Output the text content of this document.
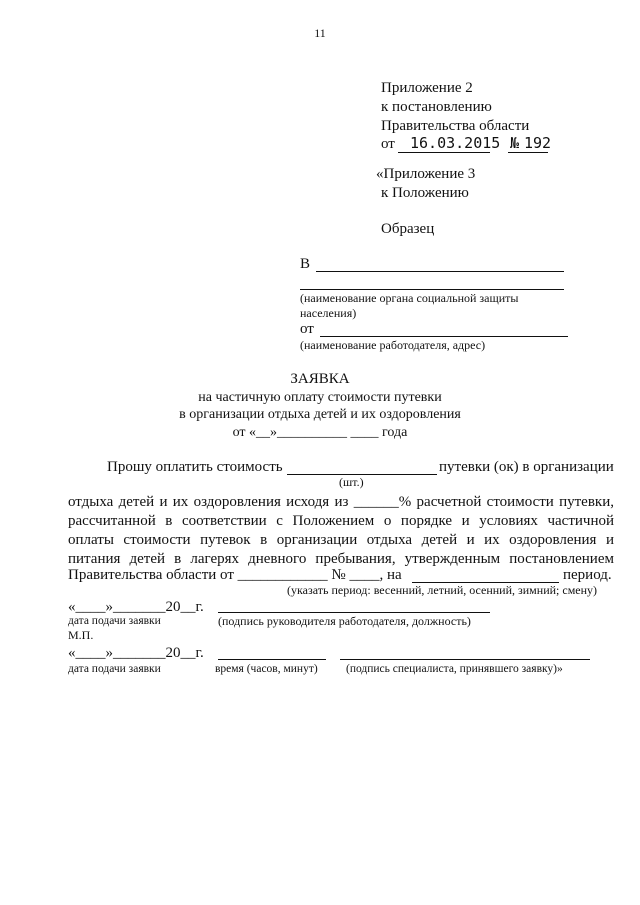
11
Приложение 2
к постановлению
Правительства области
от 16.03.2015 № 192
«Приложение 3
к Положению
Образец
В
(наименование органа социальной защиты
населения)
от
(наименование работодателя, адрес)
ЗАЯВКА
на частичную оплату стоимости путевки
в организации отдыха детей и их оздоровления
от «__»__________ ____ года
Прошу оплатить стоимость	путевки (ок) в организации
(шт.)
отдыха детей и их оздоровления исходя из ______% расчетной стоимости путевки,
рассчитанной в соответствии с Положением о порядке и условиях частичной
оплаты стоимости путевок в организации отдыха детей и их оздоровления и
питания детей в лагерях дневного пребывания, утвержденным постановлением
Правительства области от ____________ № ____, на	период.
(указать период: весенний, летний, осенний, зимний; смену)
«____»_______20__г.
дата подачи заявки	(подпись руководителя работодателя, должность)
М.П.
«____»_______20__г.
дата подачи заявки	время (часов, минут) (подпись специалиста, принявшего заявку)»
